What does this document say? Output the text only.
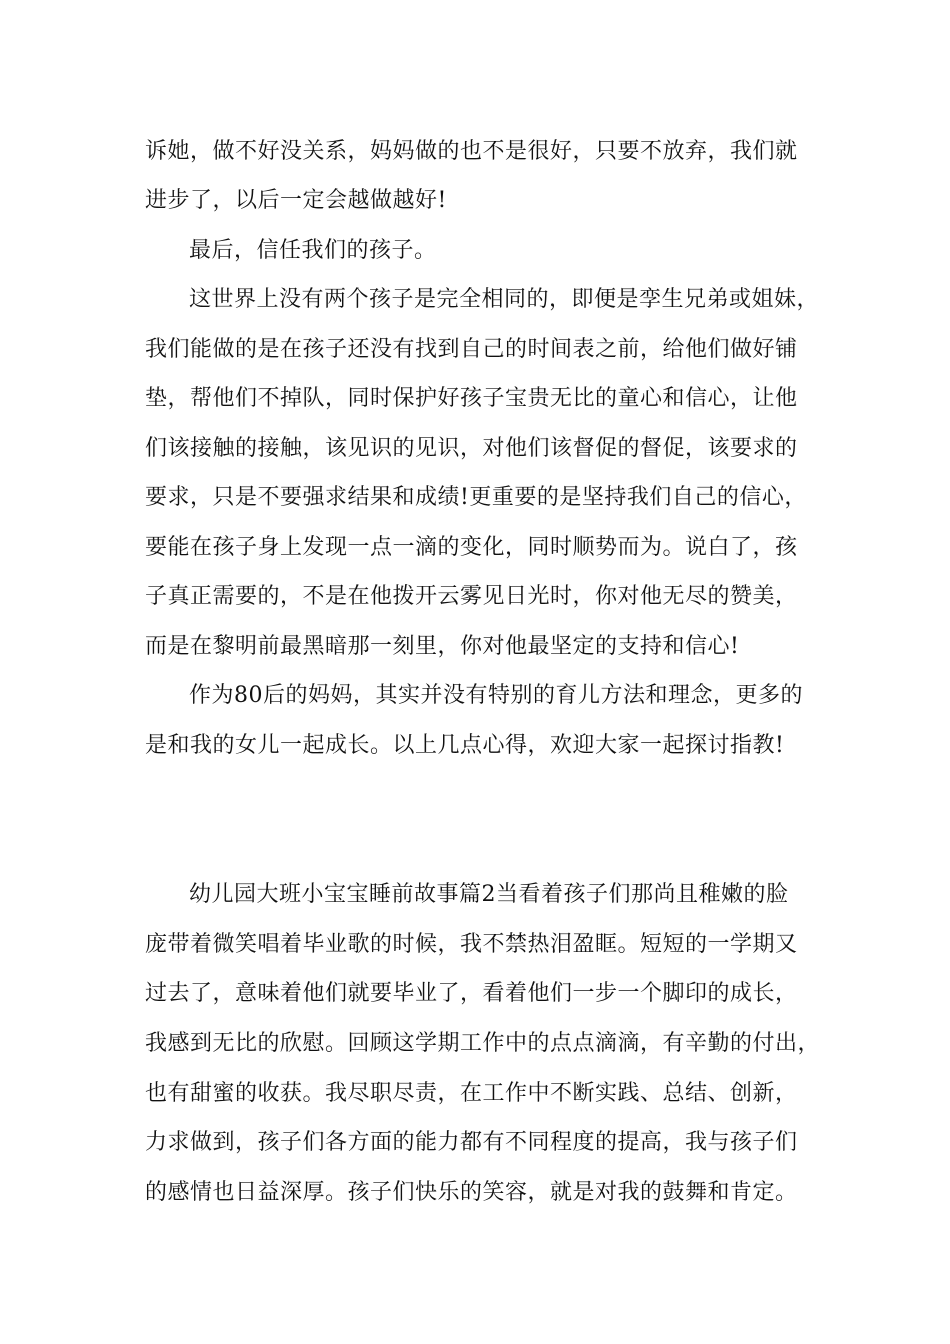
诉她，做不好没关系，妈妈做的也不是很好，只要不放弃，我们就
进步了，以后一定会越做越好!
最后，信任我们的孩子。
这世界上没有两个孩子是完全相同的，即便是孪生兄弟或姐妹，
我们能做的是在孩子还没有找到自己的时间表之前，给他们做好铺
垫，帮他们不掉队，同时保护好孩子宝贵无比的童心和信心，让他
们该接触的接触，该见识的见识，对他们该督促的督促，该要求的
要求，只是不要强求结果和成绩!更重要的是坚持我们自己的信心，
要能在孩子身上发现一点一滴的变化，同时顺势而为。说白了，孩
子真正需要的，不是在他拨开云雾见日光时，你对他无尽的赞美，
而是在黎明前最黑暗那一刻里，你对他最坚定的支持和信心!
作为80后的妈妈，其实并没有特别的育儿方法和理念，更多的
是和我的女儿一起成长。以上几点心得，欢迎大家一起探讨指教!
幼儿园大班小宝宝睡前故事篇2当看着孩子们那尚且稚嫩的脸
庞带着微笑唱着毕业歌的时候，我不禁热泪盈眶。短短的一学期又
过去了，意味着他们就要毕业了，看着他们一步一个脚印的成长，
我感到无比的欣慰。回顾这学期工作中的点点滴滴，有辛勤的付出，
也有甜蜜的收获。我尽职尽责，在工作中不断实践、总结、创新，
力求做到，孩子们各方面的能力都有不同程度的提高，我与孩子们
的感情也日益深厚。孩子们快乐的笑容，就是对我的鼓舞和肯定。
